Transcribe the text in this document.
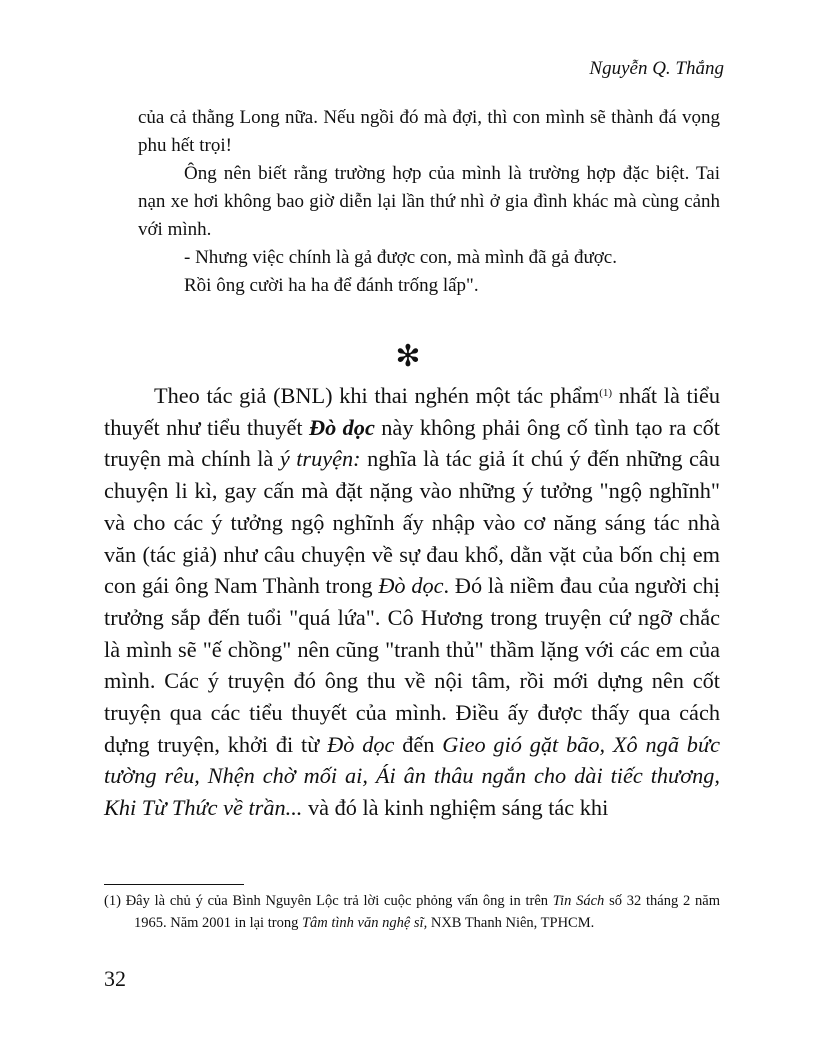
Nguyễn Q. Thắng

của cả thằng Long nữa. Nếu ngồi đó mà đợi, thì con mình sẽ thành đá vọng phu hết trọi!

Ông nên biết rằng trường hợp của mình là trường hợp đặc biệt. Tai nạn xe hơi không bao giờ diễn lại lần thứ nhì ở gia đình khác mà cùng cảnh với mình.

- Nhưng việc chính là gả được con, mà mình đã gả được.

Rồi ông cười ha ha để đánh trống lấp".

✻

Theo tác giả (BNL) khi thai nghén một tác phẩm$^{(1)}$ nhất là tiểu thuyết như tiểu thuyết Đò dọc này không phải ông cố tình tạo ra cốt truyện mà chính là ý truyện: nghĩa là tác giả ít chú ý đến những câu chuyện li kì, gay cấn mà đặt nặng vào những ý tưởng "ngộ nghĩnh" và cho các ý tưởng ngộ nghĩnh ấy nhập vào cơ năng sáng tác nhà văn (tác giả) như câu chuyện về sự đau khổ, dằn vặt của bốn chị em con gái ông Nam Thành trong Đò dọc. Đó là niềm đau của người chị trưởng sắp đến tuổi "quá lứa". Cô Hương trong truyện cứ ngỡ chắc là mình sẽ "ế chồng" nên cũng "tranh thủ" thầm lặng với các em của mình. Các ý truyện đó ông thu về nội tâm, rồi mới dựng nên cốt truyện qua các tiểu thuyết của mình. Điều ấy được thấy qua cách dựng truyện, khởi đi từ Đò dọc đến Gieo gió gặt bão, Xô ngã bức tường rêu, Nhện chờ mối ai, Ái ân thâu ngắn cho dài tiếc thương, Khi Từ Thức về trần... và đó là kinh nghiệm sáng tác khi

(1) Đây là chủ ý của Bình Nguyên Lộc trả lời cuộc phỏng vấn ông in trên Tin Sách số 32 tháng 2 năm 1965. Năm 2001 in lại trong Tâm tình văn nghệ sĩ, NXB Thanh Niên, TPHCM.

32
